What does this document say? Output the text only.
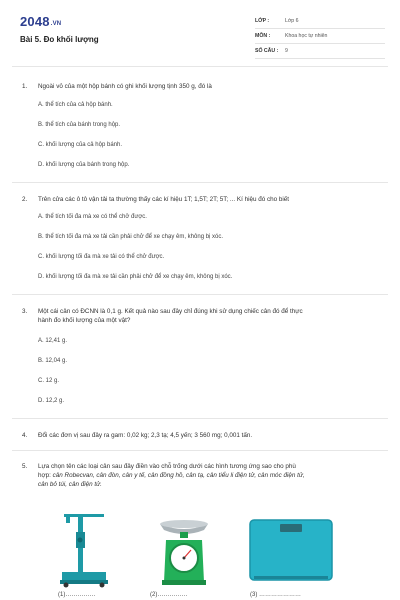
2048.VN
Bài 5. Đo khối lượng
LỚP :	Lớp 6
MÔN :	Khoa học tự nhiên
SỐ CÂU : 9
1. Ngoài vỏ của một hộp bánh có ghi khối lượng tịnh 350 g, đó là
A. thể tích của cả hộp bánh.
B. thể tích của bánh trong hộp.
C. khối lượng của cả hộp bánh.
D. khối lượng của bánh trong hộp.
2. Trên cửa các ô tô vận tải ta thường thấy các kí hiệu 1T; 1,5T; 2T; 5T; ... Kí hiệu đó cho biết
A. thể tích tối đa mà xe có thể chở được.
B. thể tích tối đa mà xe tải cần phải chở để xe chạy êm, không bị xóc.
C. khối lượng tối đa mà xe tải có thể chở được.
D. khối lượng tối đa mà xe tải cần phải chở để xe chạy êm, không bị xóc.
3. Một cái cân có ĐCNN là 0,1 g. Kết quả nào sau đây chỉ đúng khi sử dụng chiếc cân đó để thực
hành đo khối lượng của một vật?
A. 12,41 g.
B. 12,04 g.
C. 12 g.
D. 12,2 g.
4. Đổi các đơn vị sau đây ra gam: 0,02 kg; 2,3 tạ; 4,5 yến; 3 560 mg; 0,001 tấn.
5. Lựa chọn tên các loại cân sau đây điền vào chỗ trống dưới các hình tương ứng sao cho phù
hợp: cân Robecvan, cân đòn, cân y tế, cân đồng hồ, cân tạ, cân tiểu li điện tử, cân móc điện tử,
cân bỏ túi, cân điện tử.
(1)……………	(2)……………	(3) …………………
